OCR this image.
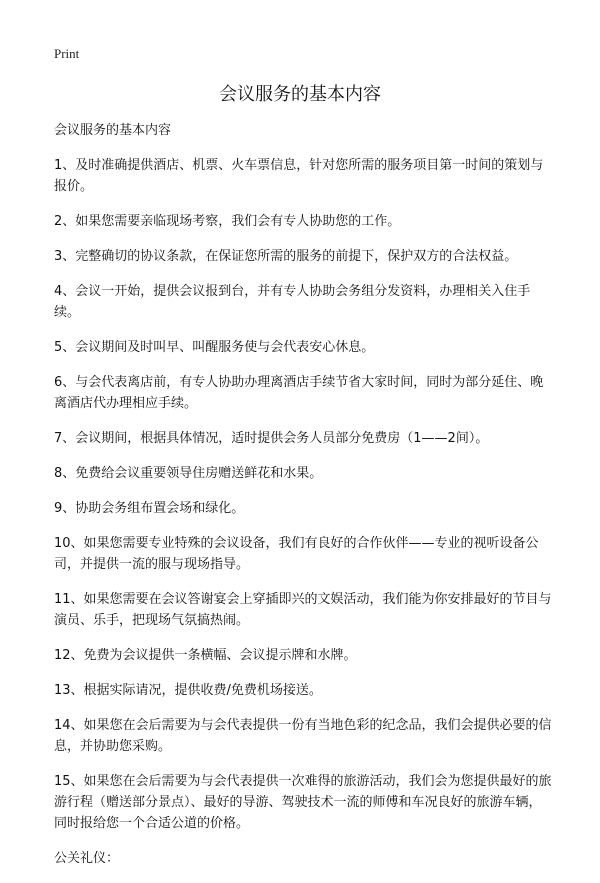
Print
会议服务的基本内容

会议服务的基本内容

1、及时准确提供酒店、机票、火车票信息，针对您所需的服务项目第一时间的策划与报价。

2、如果您需要亲临现场考察，我们会有专人协助您的工作。

3、完整确切的协议条款，在保证您所需的服务的前提下，保护双方的合法权益。

4、会议一开始，提供会议报到台，并有专人协助会务组分发资料，办理相关入住手续。

5、会议期间及时叫早、叫醒服务使与会代表安心休息。

6、与会代表离店前，有专人协助办理离酒店手续节省大家时间，同时为部分延住、晚离酒店代办理相应手续。

7、会议期间，根据具体情况，适时提供会务人员部分免费房（1——2间）。

8、免费给会议重要领导住房赠送鲜花和水果。

9、协助会务组布置会场和绿化。

10、如果您需要专业特殊的会议设备，我们有良好的合作伙伴——专业的视听设备公司，并提供一流的服与现场指导。

11、如果您需要在会议答谢宴会上穿插即兴的文娱活动，我们能为你安排最好的节目与演员、乐手，把现场气氛搞热闹。

12、免费为会议提供一条横幅、会议提示牌和水牌。

13、根据实际请况，提供收费/免费机场接送。

14、如果您在会后需要为与会代表提供一份有当地色彩的纪念品，我们会提供必要的信息，并协助您采购。

15、如果您在会后需要为与会代表提供一次难得的旅游活动，我们会为您提供最好的旅游行程（赠送部分景点）、最好的导游、驾驶技术一流的师傅和车况良好的旅游车辆，同时报给您一个合适公道的价格。

公关礼仪：
